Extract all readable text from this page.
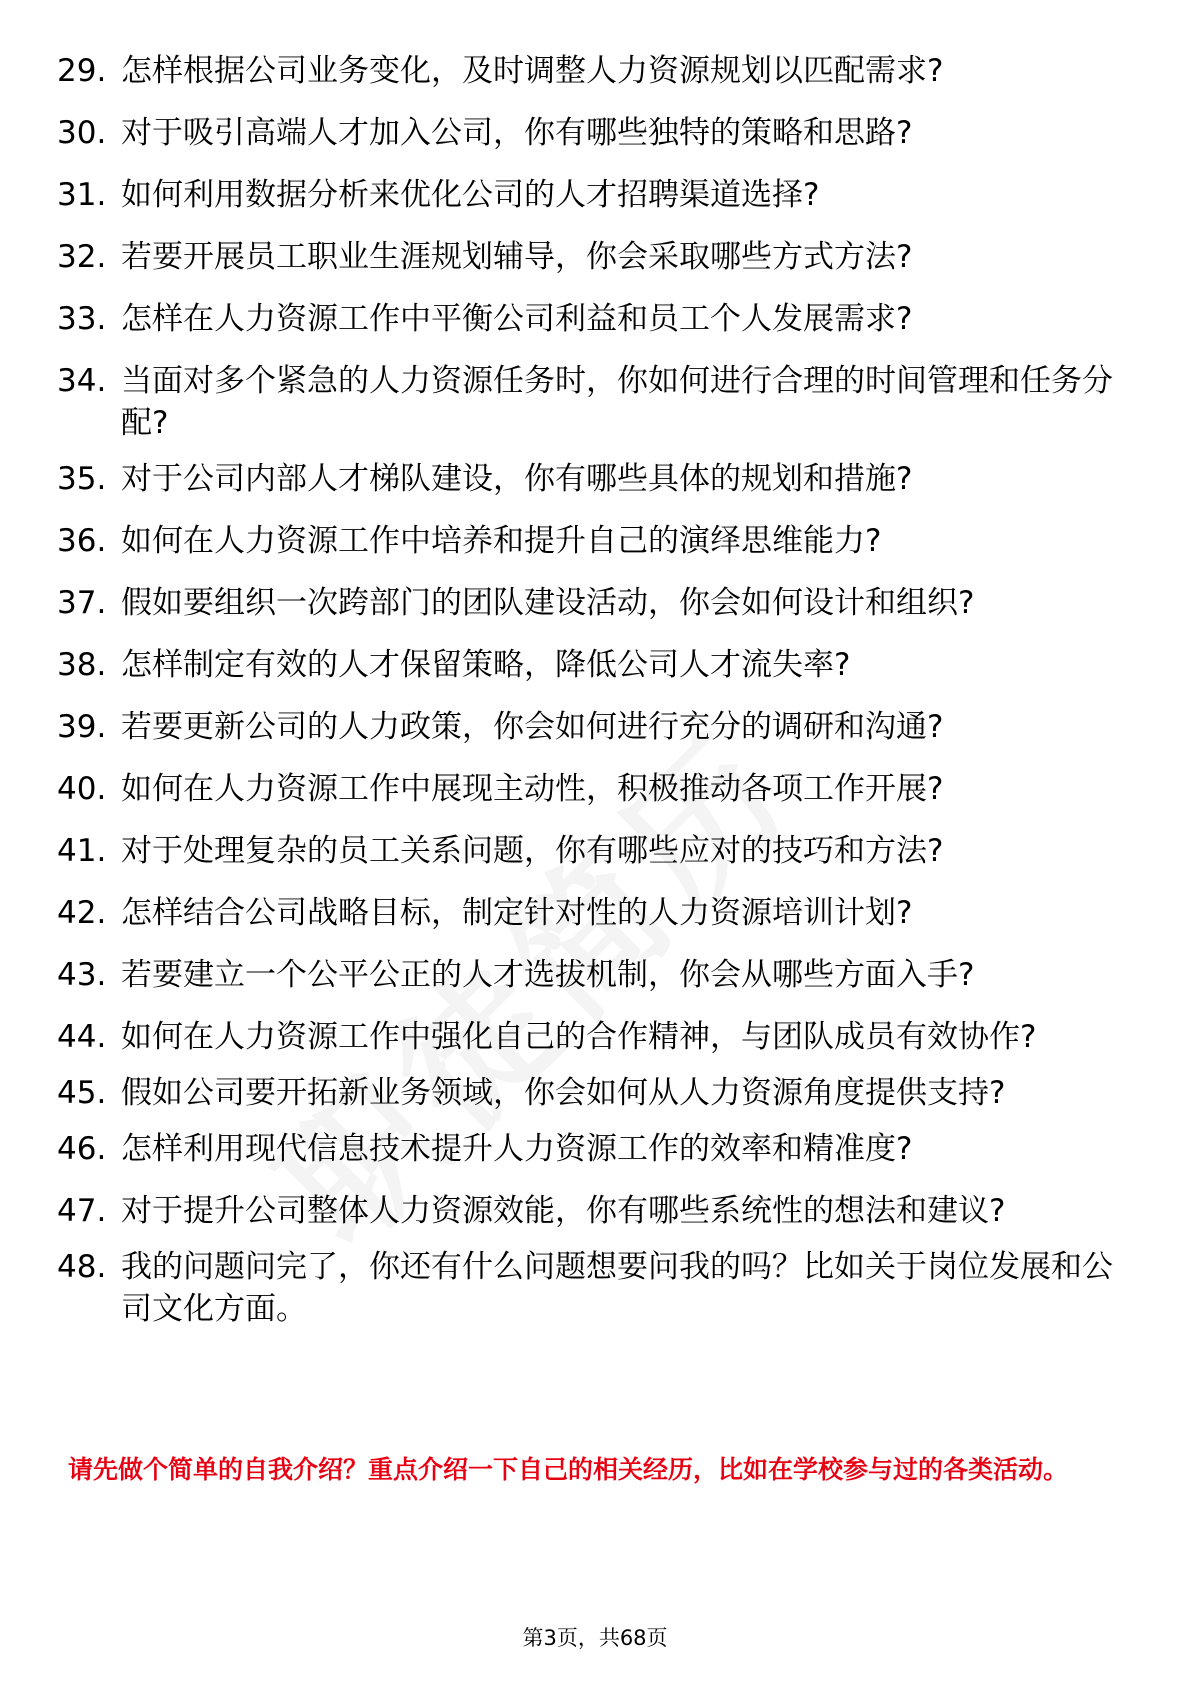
29. 怎样根据公司业务变化，及时调整人力资源规划以匹配需求?
30. 对于吸引高端人才加入公司，你有哪些独特的策略和思路?
31. 如何利用数据分析来优化公司的人才招聘渠道选择?
32. 若要开展员工职业生涯规划辅导，你会采取哪些方式方法?
33. 怎样在人力资源工作中平衡公司利益和员工个人发展需求?
34. 当面对多个紧急的人力资源任务时，你如何进行合理的时间管理和任务分配?
35. 对于公司内部人才梯队建设，你有哪些具体的规划和措施?
36. 如何在人力资源工作中培养和提升自己的演绎思维能力?
37. 假如要组织一次跨部门的团队建设活动，你会如何设计和组织?
38. 怎样制定有效的人才保留策略，降低公司人才流失率?
39. 若要更新公司的人力政策，你会如何进行充分的调研和沟通?
40. 如何在人力资源工作中展现主动性，积极推动各项工作开展?
41. 对于处理复杂的员工关系问题，你有哪些应对的技巧和方法?
42. 怎样结合公司战略目标，制定针对性的人力资源培训计划?
43. 若要建立一个公平公正的人才选拔机制，你会从哪些方面入手?
44. 如何在人力资源工作中强化自己的合作精神，与团队成员有效协作?
45. 假如公司要开拓新业务领域，你会如何从人力资源角度提供支持?
46. 怎样利用现代信息技术提升人力资源工作的效率和精准度?
47. 对于提升公司整体人力资源效能，你有哪些系统性的想法和建议?
48. 我的问题问完了，你还有什么问题想要问我的吗？比如关于岗位发展和公司文化方面。
请先做个简单的自我介绍？重点介绍一下自己的相关经历，比如在学校参与过的各类活动。
第3页，共68页
